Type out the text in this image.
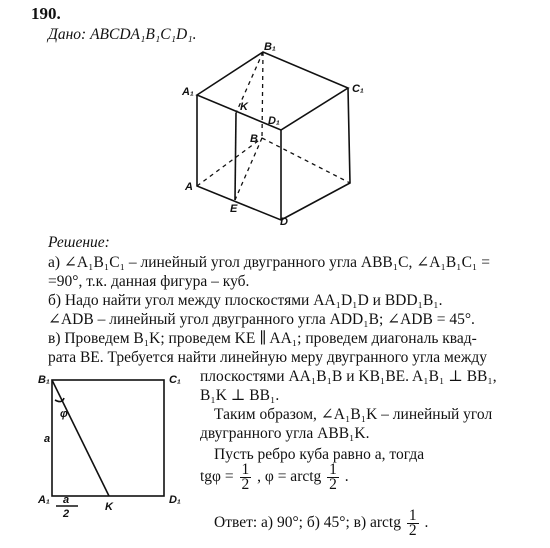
190.
Дано: ABCDA₁B₁C₁D₁.
B₁
C₁
A₁
K
D₁
B
A
E
D
Решение:
а) ∠A₁B₁C₁ – линейный угол двугранного угла ABB₁C, ∠A₁B₁C₁ =
=90°, т.к. данная фигура – куб.
б) Надо найти угол между плоскостями AA₁D₁D и BDD₁B₁.
∠ADB – линейный угол двугранного угла ADD₁B; ∠ADB = 45°.
в) Проведем B₁K; проведем KE ∥ AA₁; проведем диагональ квад-
рата BE. Требуется найти линейную меру двугранного угла между
плоскостями AA₁B₁B и KB₁BE. A₁B₁ ⊥ BB₁,
B₁K ⊥ BB₁.
Таким образом, ∠A₁B₁K – линейный угол
двугранного угла ABB₁K.
Пусть ребро куба равно a, тогда
$tg\varphi = \frac{1}{2}$ , φ = arctg $\frac{1}{2}$ .
Ответ: а) 90°; б) 45°; в) arctg $\frac{1}{2}$ .
B₁	C₁
φ
a
A₁ a
2
K
D₁
